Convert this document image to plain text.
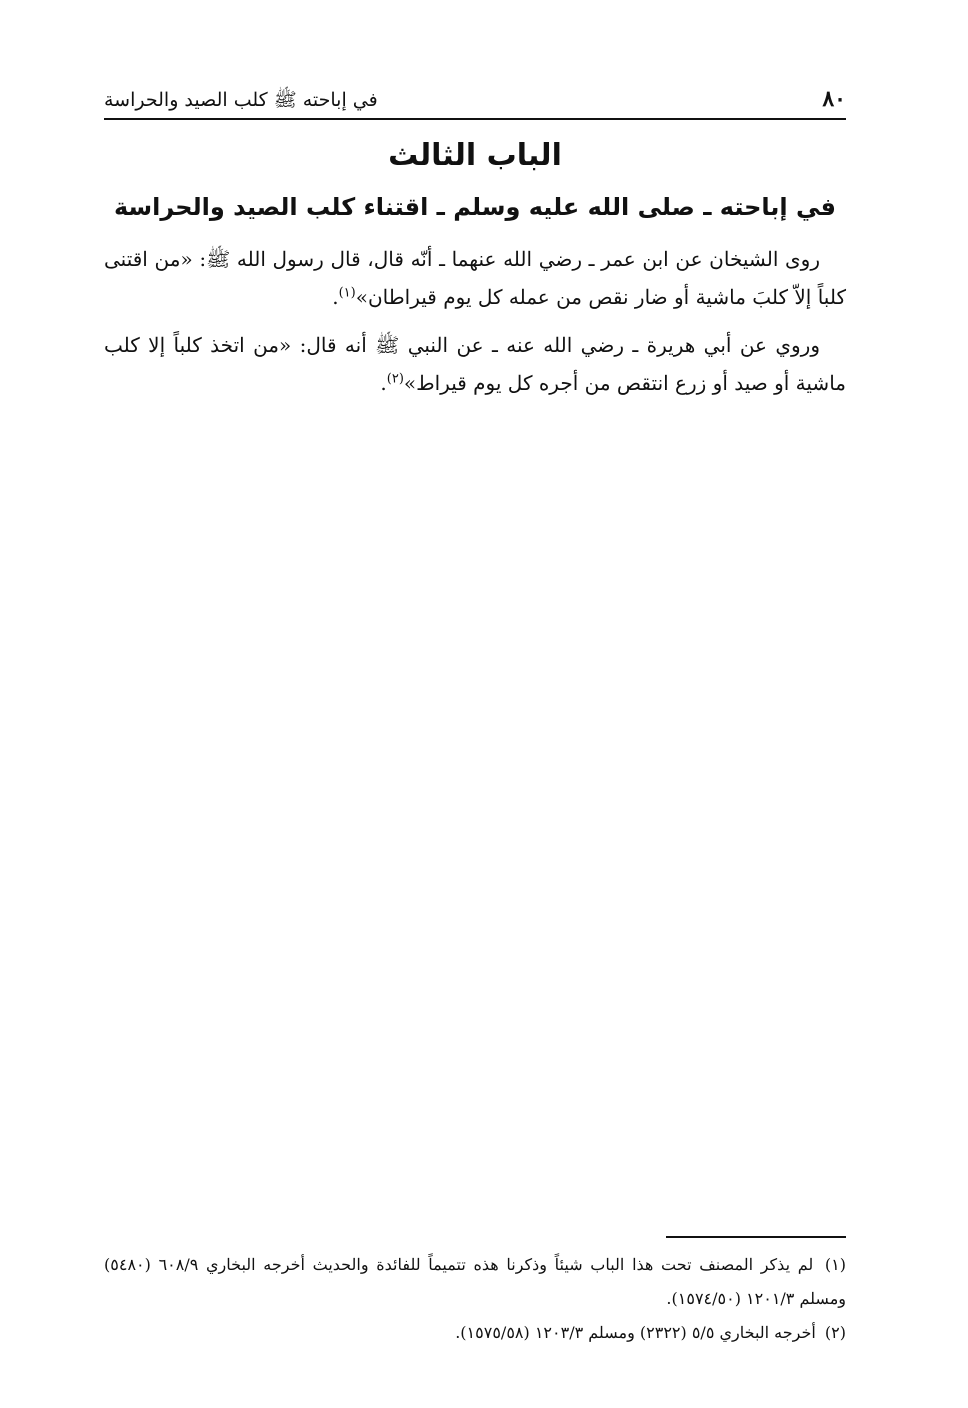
٨٠
في إباحته ﷺ كلب الصيد والحراسة
الباب الثالث
في إباحته ـ صلى الله عليه وسلم ـ اقتناء كلب الصيد والحراسة

روى الشيخان عن ابن عمر ـ رضي الله عنهما ـ أنّه قال، قال رسول الله ﷺ: «من اقتنى كلباً إلاّ كلبَ ماشية أو ضار نقص من عمله كل يوم قيراطان»$^{(١)}$.

وروي عن أبي هريرة ـ رضي الله عنه ـ عن النبي ﷺ أنه قال: «من اتخذ كلباً إلا كلب ماشية أو صيد أو زرع انتقص من أجره كل يوم قيراط»$^{(٢)}$.

(١) لم يذكر المصنف تحت هذا الباب شيئاً وذكرنا هذه تتميماً للفائدة والحديث أخرجه البخاري ٦٠٨/٩ (٥٤٨٠) ومسلم ١٢٠١/٣ (١٥٧٤/٥٠).

(٢) أخرجه البخاري ٥/٥ (٢٣٢٢) ومسلم ١٢٠٣/٣ (١٥٧٥/٥٨).
